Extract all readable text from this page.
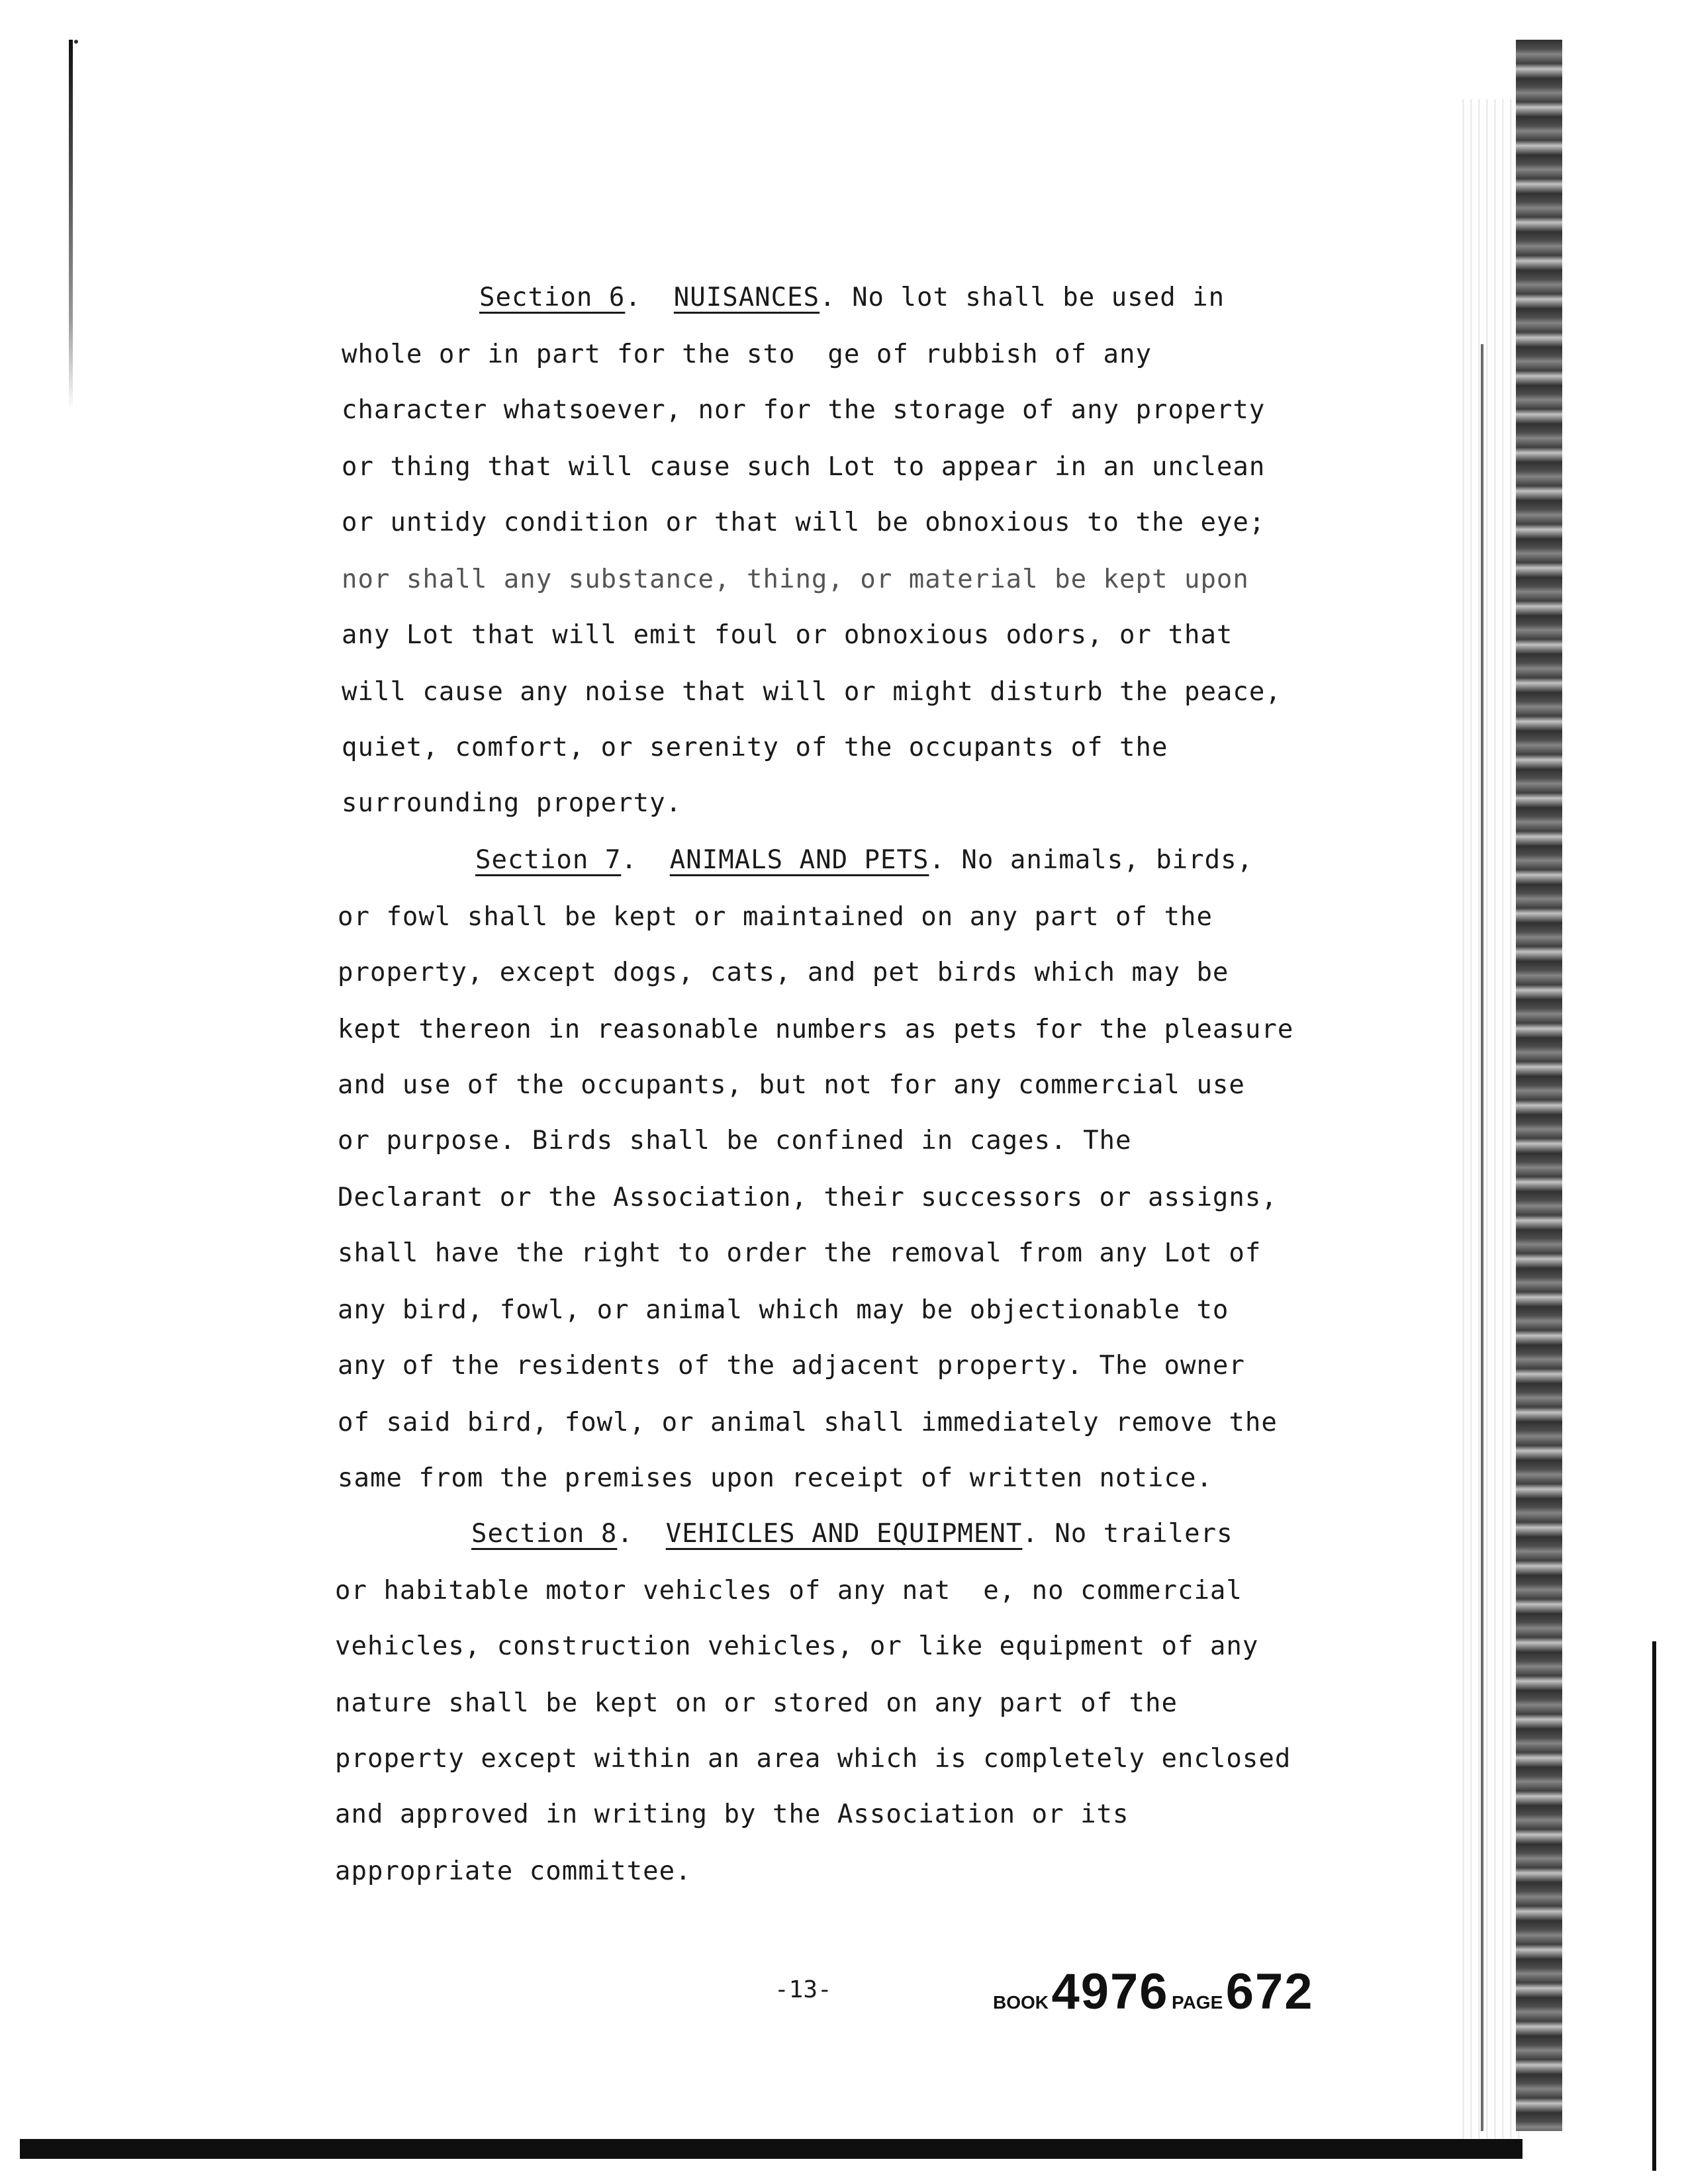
Section 6.  NUISANCES. No lot shall be used in
whole or in part for the sto  ge of rubbish of any
character whatsoever, nor for the storage of any property
or thing that will cause such Lot to appear in an unclean
or untidy condition or that will be obnoxious to the eye;
nor shall any substance, thing, or material be kept upon
any Lot that will emit foul or obnoxious odors, or that
will cause any noise that will or might disturb the peace,
quiet, comfort, or serenity of the occupants of the
surrounding property.
Section 7.  ANIMALS AND PETS. No animals, birds,
or fowl shall be kept or maintained on any part of the
property, except dogs, cats, and pet birds which may be
kept thereon in reasonable numbers as pets for the pleasure
and use of the occupants, but not for any commercial use
or purpose. Birds shall be confined in cages. The
Declarant or the Association, their successors or assigns,
shall have the right to order the removal from any Lot of
any bird, fowl, or animal which may be objectionable to
any of the residents of the adjacent property. The owner
of said bird, fowl, or animal shall immediately remove the
same from the premises upon receipt of written notice.
Section 8.  VEHICLES AND EQUIPMENT. No trailers
or habitable motor vehicles of any nat  e, no commercial
vehicles, construction vehicles, or like equipment of any
nature shall be kept on or stored on any part of the
property except within an area which is completely enclosed
and approved in writing by the Association or its
appropriate committee.
-13-	BOOK 4976 PAGE 672
